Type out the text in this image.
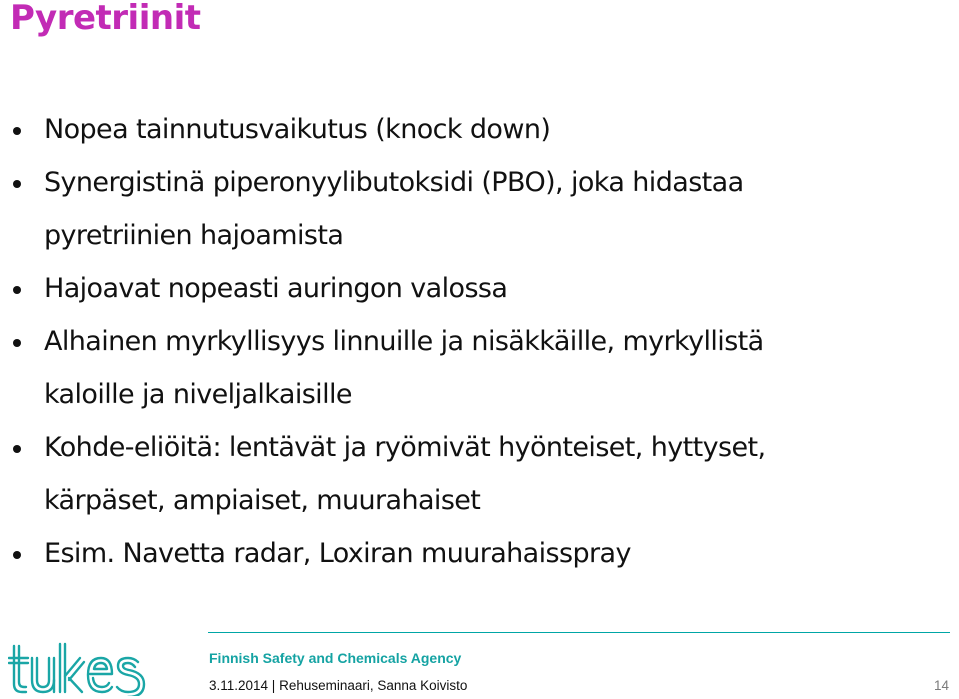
Pyretriinit
Nopea tainnutusvaikutus (knock down)
Synergistinä piperonyylibutoksidi (PBO), joka hidastaa
pyretriinien hajoamista
Hajoavat nopeasti auringon valossa
Alhainen myrkyllisyys linnuille ja nisäkkäille, myrkyllistä
kaloille ja niveljalkaisille
Kohde-eliöitä: lentävät ja ryömivät hyönteiset, hyttyset,
kärpäset, ampiaiset, muurahaiset
Esim. Navetta radar, Loxiran muurahaisspray
Finnish Safety and Chemicals Agency
3.11.2014 | Rehuseminaari, Sanna Koivisto	14
